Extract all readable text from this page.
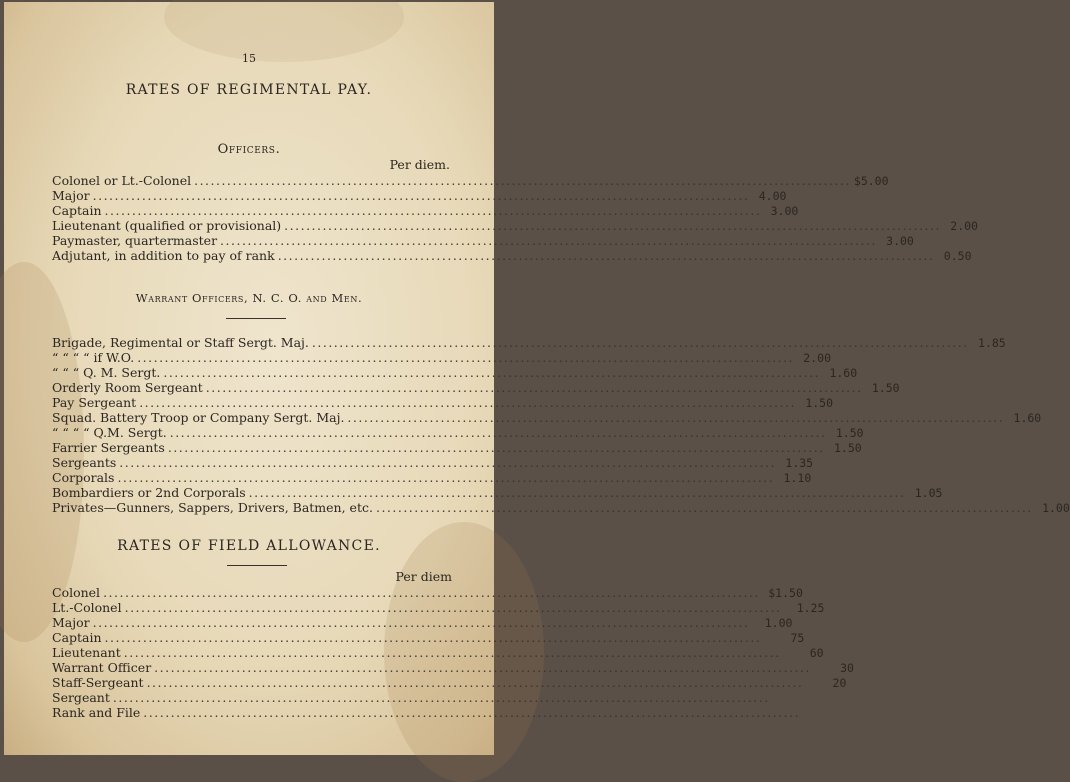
15
RATES OF REGIMENTAL PAY.
Officers.
Per diem.
Colonel or Lt.-Colonel ........................................................................................................................ $5.00
Major ........................................................................................................................ 4.00
Captain ........................................................................................................................ 3.00
Lieutenant (qualified or provisional) ........................................................................................................................ 2.00
Paymaster, quartermaster ........................................................................................................................ 3.00
Adjutant, in addition to pay of rank ........................................................................................................................ 0.50
Warrant Officers, N. C. O. and Men.
Brigade, Regimental or Staff Sergt. Maj. ........................................................................................................................ 1.85
“ “ “ “ if W.O. ........................................................................................................................ 2.00
“ “ “ Q. M. Sergt. ........................................................................................................................ 1.60
Orderly Room Sergeant ........................................................................................................................ 1.50
Pay Sergeant ........................................................................................................................ 1.50
Squad. Battery Troop or Company Sergt. Maj. ........................................................................................................................ 1.60
“ “ “ “ Q.M. Sergt. ........................................................................................................................ 1.50
Farrier Sergeants ........................................................................................................................ 1.50
Sergeants ........................................................................................................................ 1.35
Corporals ........................................................................................................................ 1.10
Bombardiers or 2nd Corporals ........................................................................................................................ 1.05
Privates—Gunners, Sappers, Drivers, Batmen, etc. ........................................................................................................................ 1.00
RATES OF FIELD ALLOWANCE.
Per diem
Colonel ........................................................................................................................ $1.50
Lt.-Colonel ........................................................................................................................	1.25
Major ........................................................................................................................	1.00
Captain ........................................................................................................................	75
Lieutenant ........................................................................................................................	60
Warrant Officer ........................................................................................................................	30
Staff-Sergeant ........................................................................................................................	20
Sergeant ........................................................................................................................
Rank and File ........................................................................................................................
